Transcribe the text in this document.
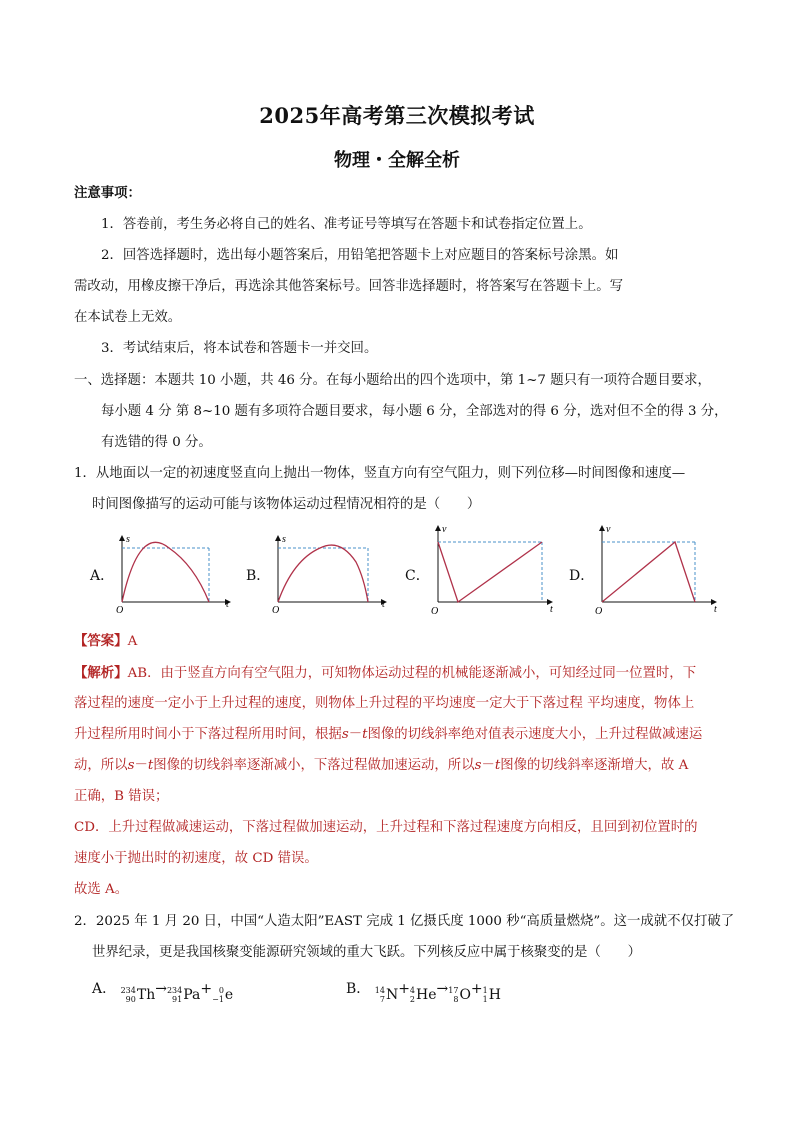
2025年高考第三次模拟考试
物理・全解全析
注意事项：
1．答卷前，考生务必将自己的姓名、准考证号等填写在答题卡和试卷指定位置上。
2．回答选择题时，选出每小题答案后，用铅笔把答题卡上对应题目的答案标号涂黑。如
需改动，用橡皮擦干净后，再选涂其他答案标号。回答非选择题时，将答案写在答题卡上。写
在本试卷上无效。
3．考试结束后，将本试卷和答题卡一并交回。
一、选择题：本题共 10 小题，共 46 分。在每小题给出的四个选项中，第 1~7 题只有一项符合题目要求，
每小题 4 分 第 8~10 题有多项符合题目要求，每小题 6 分，全部选对的得 6 分，选对但不全的得 3 分，
有选错的得 0 分。
1．从地面以一定的初速度竖直向上抛出一物体，竖直方向有空气阻力，则下列位移—时间图像和速度—
时间图像描写的运动可能与该物体运动过程情况相符的是（　　）
A．
s
t
O
B．
s
t
O
C．
v
t
O
D．
v
t
O
【答案】A
【解析】AB．由于竖直方向有空气阻力，可知物体运动过程的机械能逐渐减小，可知经过同一位置时，下
落过程的速度一定小于上升过程的速度，则物体上升过程的平均速度一定大于下落过程 平均速度，物体上
升过程所用时间小于下落过程所用时间，根据s－t图像的切线斜率绝对值表示速度大小，上升过程做减速运
动，所以s－t图像的切线斜率逐渐减小，下落过程做加速运动，所以s－t图像的切线斜率逐渐增大，故 A
正确，B 错误；
CD．上升过程做减速运动，下落过程做加速运动，上升过程和下落过程速度方向相反，且回到初位置时的
速度小于抛出时的初速度，故 CD 错误。
故选 A。
2．2025 年 1 月 20 日，中国“人造太阳”EAST 完成 1 亿摄氏度 1000 秒“高质量燃烧”。这一成就不仅打破了
世界纪录，更是我国核聚变能源研究领域的重大飞跃。下列核反应中属于核聚变的是（　　）
A． 234
90 Th → 234
91 Pa + 0
−1 e	B． 14
7 N + 4
2 He → 17
8 O + 1
1 H
